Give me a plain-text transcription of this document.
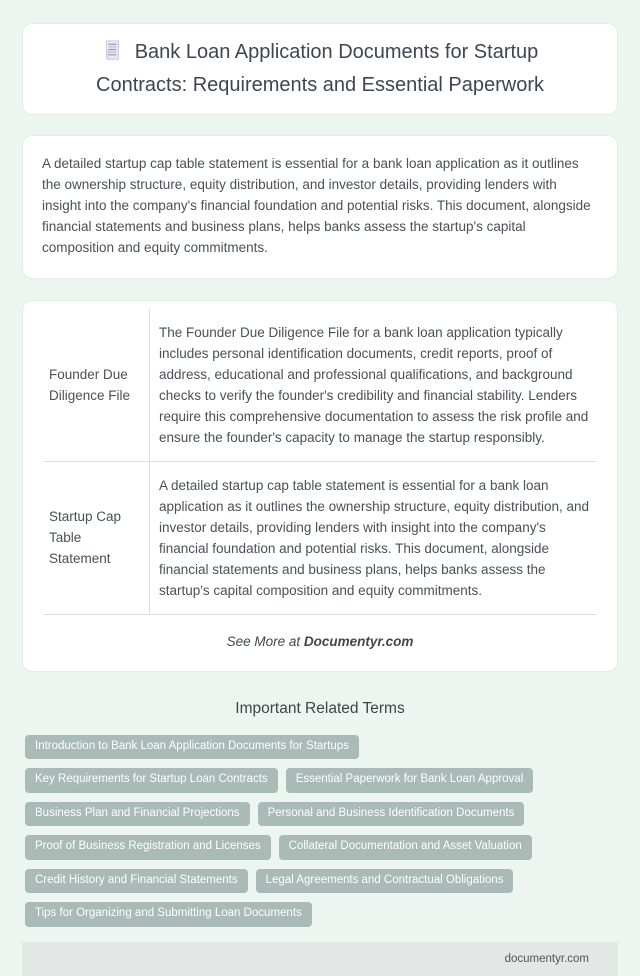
Bank Loan Application Documents for Startup Contracts: Requirements and Essential Paperwork

A detailed startup cap table statement is essential for a bank loan application as it outlines the ownership structure, equity distribution, and investor details, providing lenders with insight into the company's financial foundation and potential risks. This document, alongside financial statements and business plans, helps banks assess the startup's capital composition and equity commitments.

Founder Due Diligence File	The Founder Due Diligence File for a bank loan application typically includes personal identification documents, credit reports, proof of address, educational and professional qualifications, and background checks to verify the founder's credibility and financial stability. Lenders require this comprehensive documentation to assess the risk profile and ensure the founder's capacity to manage the startup responsibly.
Startup Cap Table Statement	A detailed startup cap table statement is essential for a bank loan application as it outlines the ownership structure, equity distribution, and investor details, providing lenders with insight into the company's financial foundation and potential risks. This document, alongside financial statements and business plans, helps banks assess the startup's capital composition and equity commitments.
See More at Documentyr.com
Important Related Terms
Introduction to Bank Loan Application Documents for Startups
Key Requirements for Startup Loan Contracts	Essential Paperwork for Bank Loan Approval
Business Plan and Financial Projections	Personal and Business Identification Documents
Proof of Business Registration and Licenses	Collateral Documentation and Asset Valuation
Credit History and Financial Statements	Legal Agreements and Contractual Obligations
Tips for Organizing and Submitting Loan Documents
documentyr.com
